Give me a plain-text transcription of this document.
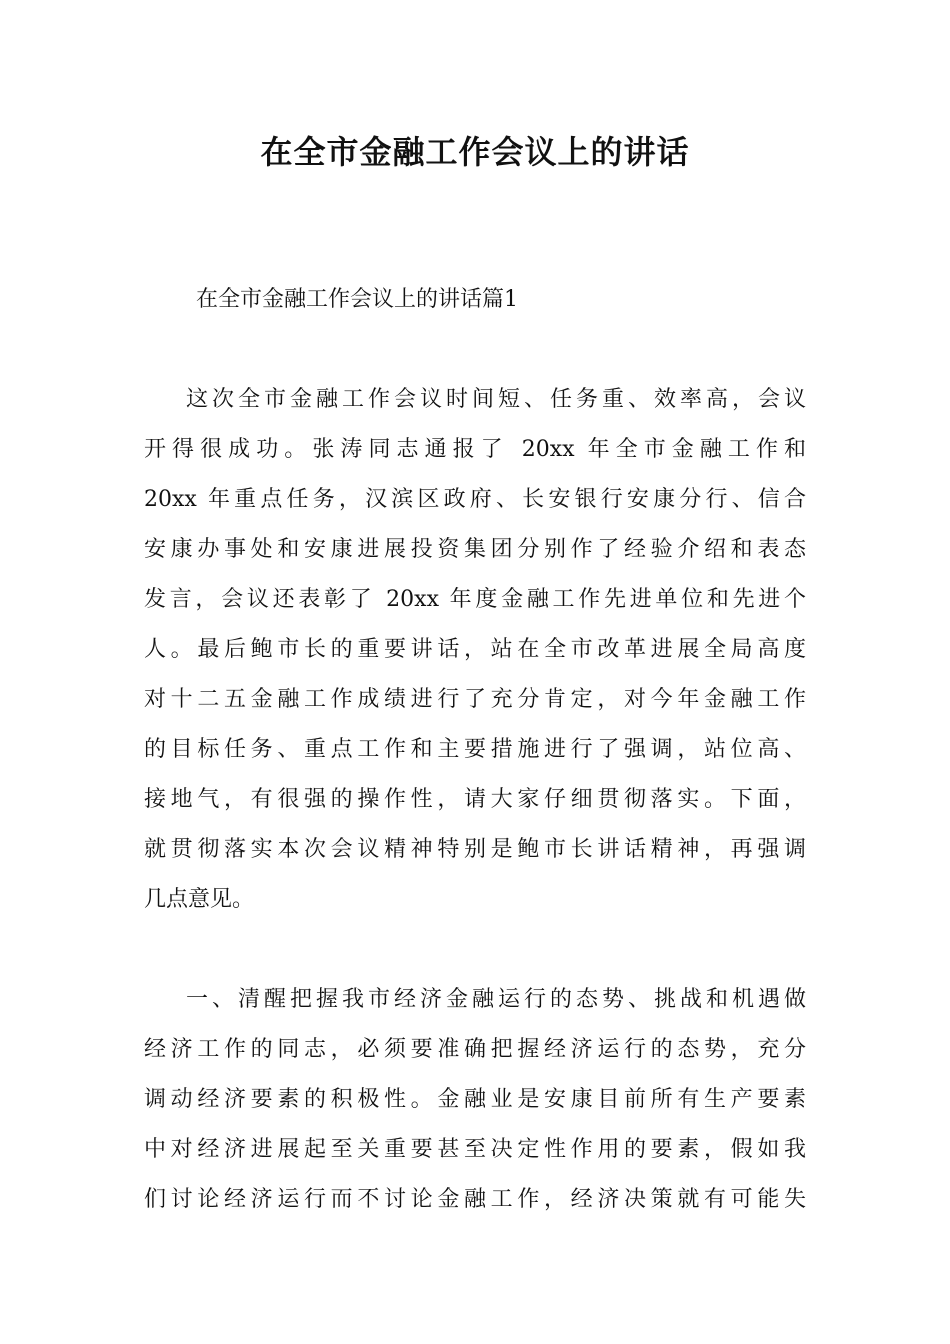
在全市金融工作会议上的讲话
在全市金融工作会议上的讲话篇1
这次全市金融工作会议时间短、任务重、效率高，会议
开得很成功。张涛同志通报了 20xx 年全市金融工作和
20xx 年重点任务，汉滨区政府、长安银行安康分行、信合
安康办事处和安康进展投资集团分别作了经验介绍和表态
发言，会议还表彰了 20xx 年度金融工作先进单位和先进个
人。最后鲍市长的重要讲话，站在全市改革进展全局高度
对十二五金融工作成绩进行了充分肯定，对今年金融工作
的目标任务、重点工作和主要措施进行了强调，站位高、
接地气，有很强的操作性，请大家仔细贯彻落实。下面，
就贯彻落实本次会议精神特别是鲍市长讲话精神，再强调
几点意见。
一、清醒把握我市经济金融运行的态势、挑战和机遇做
经济工作的同志，必须要准确把握经济运行的态势，充分
调动经济要素的积极性。金融业是安康目前所有生产要素
中对经济进展起至关重要甚至决定性作用的要素，假如我
们讨论经济运行而不讨论金融工作，经济决策就有可能失
